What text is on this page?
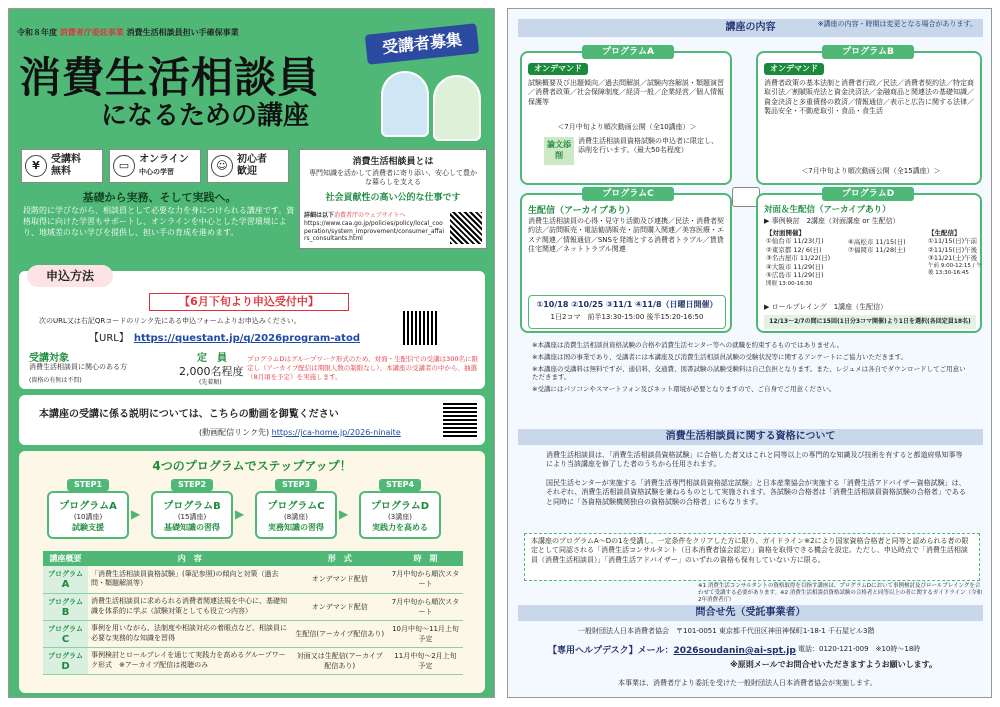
令和８年度 消費者庁委託事業 消費生活相談員担い手確保事業
消費生活相談員
になるための講座
受講者募集
¥	受講料
無料	▭ オンライン
中心の学習	☺ 初心者
歓迎
基礎から実務、そして実践へ。
段階的に学びながら、相談員として必要な力を身につけられる講座です。資格取得に向けた学習もサポートし、オンラインを中心とした学習環境により、地域差のない学びを提供し、担い手の育成を進めます。
消費生活相談員とは
専門知識を活かして消費者に寄り添い、安心して豊かな暮らしを支える
社会貢献性の高い公的な仕事です
詳細は以下消費者庁のウェブサイトへ
https://www.caa.go.jp/policies/policy/local_cooperation/system_improvement/consumer_affairs_consultants.html
申込方法
【6月下旬より申込受付中】
次のURL又は右記QRコードのリンク先にある申込フォームよりお申込みください。
【URL】　 https://questant.jp/q/2026program-atod
受講対象
消費生活相談員に関心のある方
(資格の有無は不問)
定　員
2,000名程度
(先着順)
プログラムDはグループワーク形式のため、対面・生配信での受講は300名に限定し（アーカイブ配信は期限人数の制限なし）、本講座の受講者の中から、抽選（8月頃を予定）を実施します。
本講座の受講に係る説明については、こちらの動画を御覧ください
(動画配信リンク先) https://jca-home.jp/2026-ninaite
4つのプログラムでステップアップ！
STEP1
プログラムA
(10講座)
試験支援
▶
STEP2
プログラムB
(15講座)
基礎知識の習得
▶
STEP3
プログラムC
(8講座)
実務知識の習得
▶
STEP4
プログラムD
(3講座)
実践力を高める
講座概要	内　容	形　式	時　期
プログラム
A	「消費生活相談員資格試験」(筆記参照)の傾向と対策（過去問・類題解説等）	オンデマンド配信	7月中旬から順次スタート
プログラム
B	消費生活相談員に求められる消費者関連法規を中心に、基礎知識を体系的に学ぶ（試験対策としても役立つ内容）	オンデマンド配信	7月中旬から順次スタート
プログラム
C	事例を用いながら、法制度や相談対応の着眼点など、相談員に必要な実務的な知識を習得	生配信(アーカイブ配信あり)	10月中旬～11月上旬 予定
プログラム
D	事例検討とロールプレイを通じて実践力を高めるグループワーク形式　※アーカイブ配信は視聴のみ	対面又は生配信(アーカイブ配信あり)	11月中旬～2月上旬 予定
講座の内容	※講座の内容・時期は変更となる場合があります。
プログラムA
オンデマンド
試験概要及び出題傾向／過去問解説／試験内容解説・類題演習／消費者政策／社会保障制度／経済一般／企業経営／個人情報保護等
＜7月中旬より順次動画公開（全10講座）＞
論文添削
消費生活相談員資格試験の申込者に限定し、添削を行います。（最大50名程度）
プログラムB
オンデマンド
消費者政策の基本法制と消費者行政／民法／消費者契約法／特定商取引法／割賦販売法と資金決済法／金融商品と関連法の基礎知識／資金決済と多重債務の救済／情報通信／表示と広告に関する法律／製品安全・不動産取引・食品・食生活
＜7月中旬より順次動画公開（全15講座）＞
プログラムC
生配信（アーカイブあり）
消費生活相談員の心得・見守り活動及び連携／民法・消費者契約法／訪問販売・電話勧誘販売・訪問購入関連／美容医療・エステ関連／情報通信／SNSを発端とする消費者トラブル／賃貸住宅関連／ネットトラブル関連
①10/18 ②10/25 ③11/1 ④11/8（日曜日開催）
1日2コマ　前半13:30-15:00 後半15:20-16:50
プログラムD
対面＆生配信（アーカイブあり）
▶ 事例検討　2講座（対面講座 or 生配信）
【対面開催】
①仙台市 11/23(月)
②東京都 12/ 6(日)
③名古屋市 11/22(日)
④大阪市 11/29(日)
⑤広島市 11/29(日)
開催 13:00-16:30
⑥高松市 11/15(日)
⑦福岡市 11/28(土)
【生配信】
①11/15(日)午前
②11/15(日)午後
③11/21(土)午後
午前 9:00-12:15 / 午後 13:30-16:45
▶ ロールプレイング　1講座（生配信）
12/13～2/7の間に15回(1日分3コマ開催)より1日を選択(各回定員18名)
※本講座は消費生活相談員資格試験の合格や消費生活センター等への就職を約束するものではありません。
※本講座は国の事業であり、受講者には本講座及び消費生活相談員試験の受験状況等に関するアンケートにご協力いただきます。
※本講座の受講料は無料ですが、通信料、交通費、図書試験の試験受験料は自己負担となります。また、レジュメは各自でダウンロードしてご用意いただきます。
※受講にはパソコンやスマートフォン及びネット環境が必要となりますので、ご自身でご用意ください。
消費生活相談員に関する資格について
消費生活相談員は、「消費生活相談員資格試験」に合格した者又はこれと同等以上の専門的な知識及び技術を有すると都道府県知事等により当該講座を修了した者のうちから任用されます。
国民生活センターが実施する「消費生活専門相談員資格認定試験」と日本産業協会が実施する「消費生活アドバイザー資格試験」は、それぞれ、消費生活相談員資格試験を兼ねるものとして実施されます。各試験の合格者は「消費生活相談員資格試験の合格者」であると同時に「各資格試験機関独自の資格試験の合格者」にもなります。
本講座のプログラムA～Dの1を受講し、一定条件をクリアした方に限り、ガイドライン※2により国家資格合格者と同等と認められる者の限定として同認される「消費生活コンサルタント（日本消費者協会認定）」資格を取得できる機会を設定。ただし、申込時点で「消費生活相談員（消費生活相談員）」「消費生活アドバイザー」のいずれの資格も保有していない方に限る。
※1 消費生活コンサルタントの資格取得を目指す講座は、プログラムDにおいて事例検討及びロールプレイングを合わせて受講する必要があります。※2 消費生活相談員資格試験の合格者と同等以上の者に関するガイドライン（令和2年消費者庁）
問合せ先（受託事業者）
一般財団法人日本消費者協会　〒101-0051 東京都千代田区神田神保町1-18-1 千石屋ビル3階
【専用ヘルプデスク】メール：2026soudanin@ai-spt.jp 電話：0120-121-009　※10時～18時
※原則メールでお問合せいただきますようお願いします。
本事業は、消費者庁より委託を受けた一般財団法人日本消費者協会が実施します。
